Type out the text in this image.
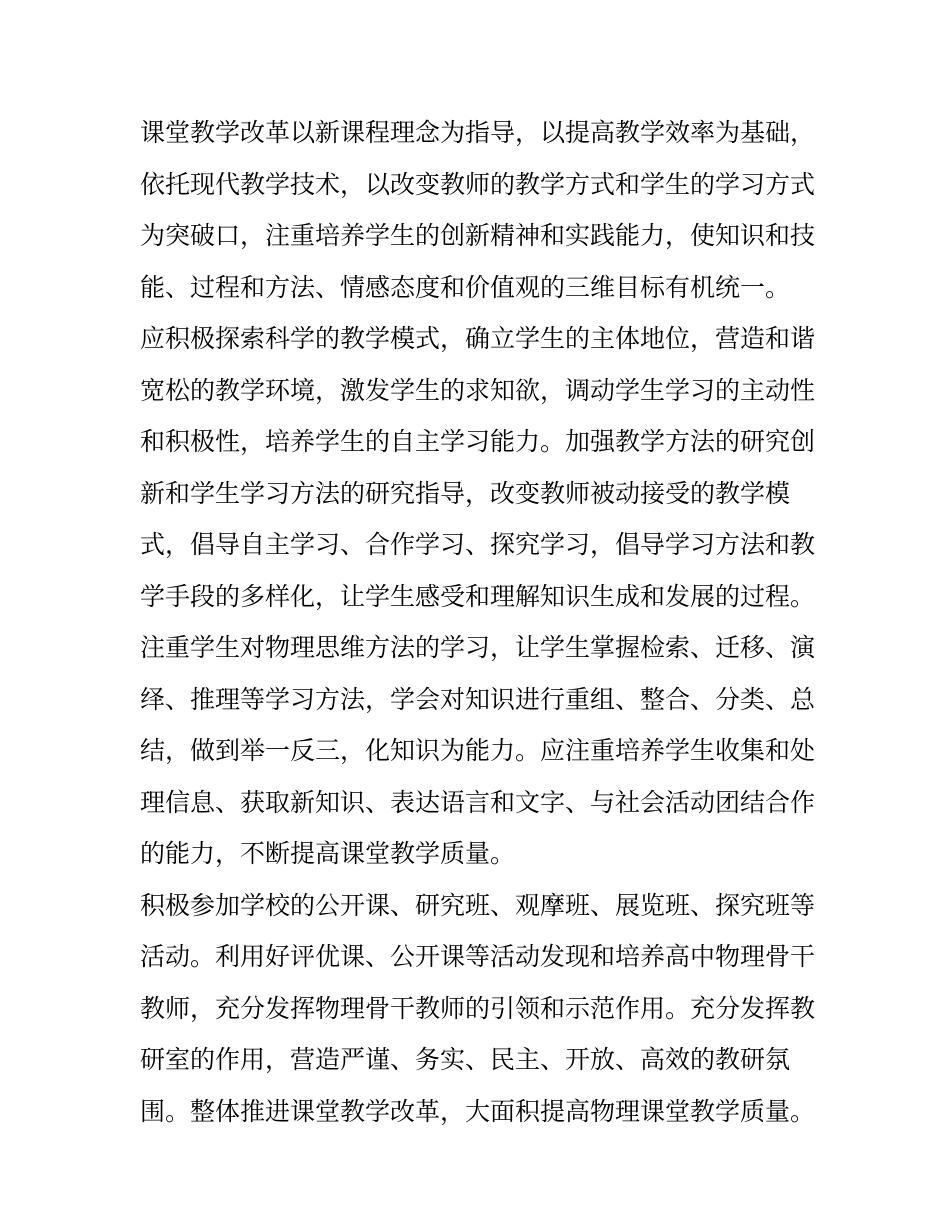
课堂教学改革以新课程理念为指导，以提高教学效率为基础，
依托现代教学技术，以改变教师的教学方式和学生的学习方式
为突破口，注重培养学生的创新精神和实践能力，使知识和技
能、过程和方法、情感态度和价值观的三维目标有机统一。
应积极探索科学的教学模式，确立学生的主体地位，营造和谐
宽松的教学环境，激发学生的求知欲，调动学生学习的主动性
和积极性，培养学生的自主学习能力。加强教学方法的研究创
新和学生学习方法的研究指导，改变教师被动接受的教学模
式，倡导自主学习、合作学习、探究学习，倡导学习方法和教
学手段的多样化，让学生感受和理解知识生成和发展的过程。
注重学生对物理思维方法的学习，让学生掌握检索、迁移、演
绎、推理等学习方法，学会对知识进行重组、整合、分类、总
结，做到举一反三，化知识为能力。应注重培养学生收集和处
理信息、获取新知识、表达语言和文字、与社会活动团结合作
的能力，不断提高课堂教学质量。
积极参加学校的公开课、研究班、观摩班、展览班、探究班等
活动。利用好评优课、公开课等活动发现和培养高中物理骨干
教师，充分发挥物理骨干教师的引领和示范作用。充分发挥教
研室的作用，营造严谨、务实、民主、开放、高效的教研氛
围。整体推进课堂教学改革，大面积提高物理课堂教学质量。
